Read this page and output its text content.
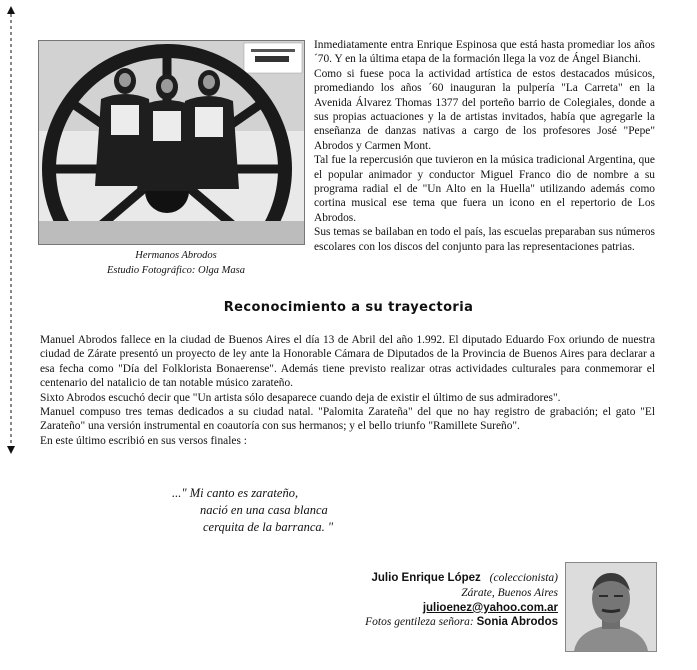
Hermanos Abrodos
Estudio Fotográfico: Olga Masa

Inmediatamente entra Enrique Espinosa que está hasta promediar los años ´70. Y en la última etapa de la formación llega la voz de Ángel Bianchi.

Como si fuese poca la actividad artística de estos destacados músicos, promediando los años ´60 inauguran la pulpería "La Carreta" en la Avenida Álvarez Thomas 1377 del porteño barrio de Colegiales, donde a sus propias actuaciones y la de artistas invitados, había que agregarle la enseñanza de danzas nativas a cargo de los profesores José "Pepe" Abrodos y Carmen Mont.

Tal fue la repercusión que tuvieron en la música tradicional Argentina, que el popular animador y conductor Miguel Franco dio de nombre a su programa radial el de "Un Alto en la Huella" utilizando además como cortina musical ese tema que fuera un icono en el repertorio de Los Abrodos.

Sus temas se bailaban en todo el país, las escuelas preparaban sus números escolares con los discos del conjunto para las representaciones patrias.

Reconocimiento a su trayectoria

Manuel Abrodos fallece en la ciudad de Buenos Aires el día 13 de Abril del año 1.992. El diputado Eduardo Fox oriundo de nuestra ciudad de Zárate presentó un proyecto de ley ante la Honorable Cámara de Diputados de la Provincia de Buenos Aires para declarar a esa fecha como "Día del Folklorista Bonaerense". Además tiene previsto realizar otras actividades culturales para conmemorar el centenario del natalicio de tan notable músico zarateño.

Sixto Abrodos escuchó decir que "Un artista sólo desaparece cuando deja de existir el último de sus admiradores".

Manuel compuso tres temas dedicados a su ciudad natal. "Palomita Zarateña" del que no hay registro de grabación; el gato "El Zarateño" una versión instrumental en coautoría con sus hermanos; y el bello triunfo "Ramillete Sureño".

En este último escribió en sus versos finales :

..." Mi canto es zarateño,
nació en una casa blanca
cerquita de la barranca. "
Julio Enrique López (coleccionista)
Zárate, Buenos Aires
julioenez@yahoo.com.ar
Fotos gentileza señora: Sonia Abrodos
